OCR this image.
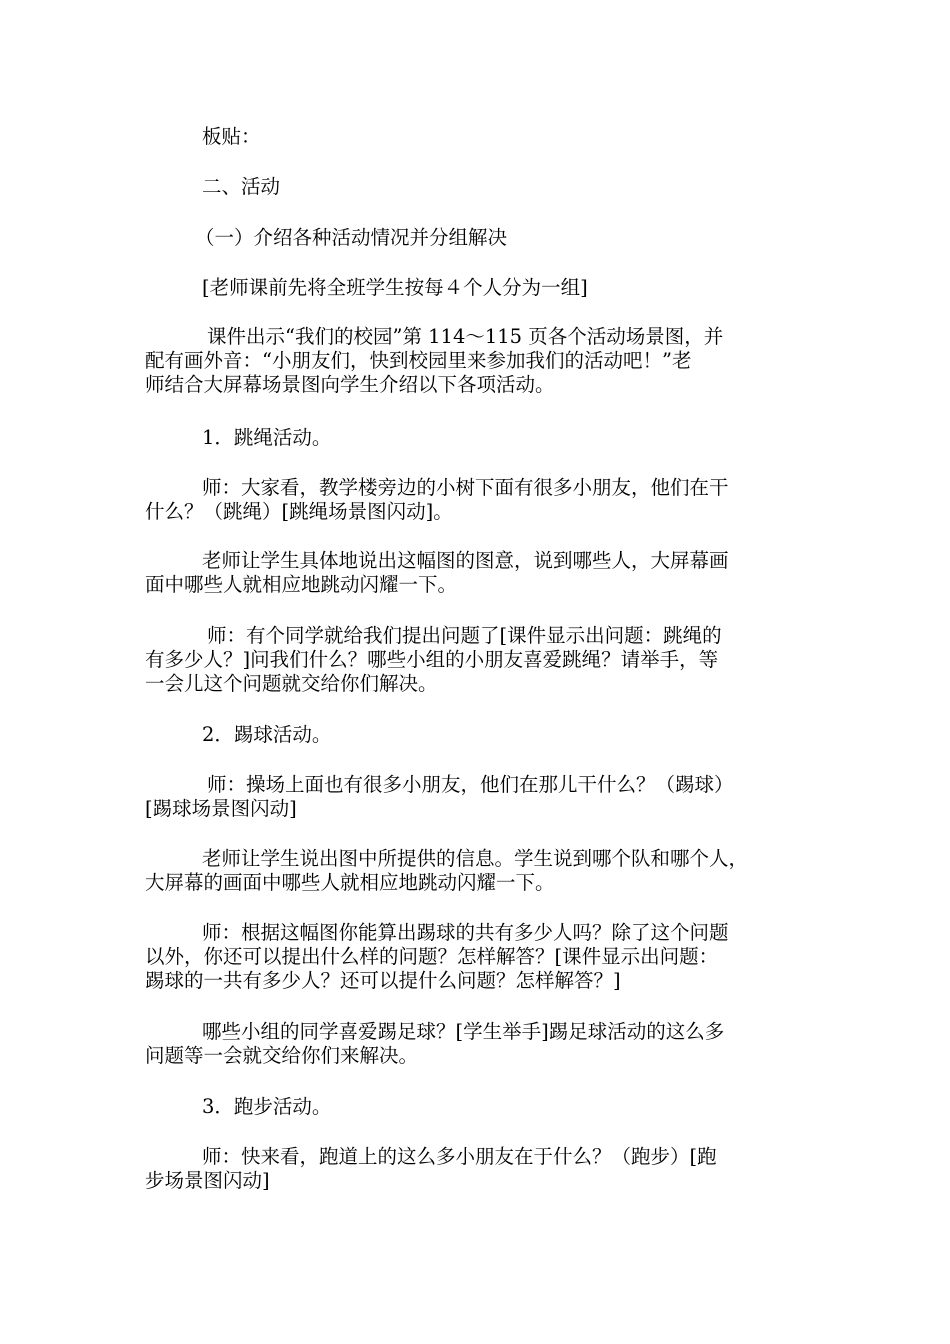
板贴：

二、活动

（一）介绍各种活动情况并分组解决

[老师课前先将全班学生按每４个人分为一组]

课件出示“我们的校园”第 114～115 页各个活动场景图，并
配有画外音：“小朋友们，快到校园里来参加我们的活动吧！”老
师结合大屏幕场景图向学生介绍以下各项活动。

1．跳绳活动。

师：大家看，教学楼旁边的小树下面有很多小朋友，他们在干
什么？（跳绳）[跳绳场景图闪动]。

老师让学生具体地说出这幅图的图意，说到哪些人，大屏幕画
面中哪些人就相应地跳动闪耀一下。

师：有个同学就给我们提出问题了[课件显示出问题：跳绳的
有多少人？]问我们什么？哪些小组的小朋友喜爱跳绳？请举手，等
一会儿这个问题就交给你们解决。

2．踢球活动。

师：操场上面也有很多小朋友，他们在那儿干什么？（踢球）
[踢球场景图闪动]

老师让学生说出图中所提供的信息。学生说到哪个队和哪个人，
大屏幕的画面中哪些人就相应地跳动闪耀一下。

师：根据这幅图你能算出踢球的共有多少人吗？除了这个问题
以外，你还可以提出什么样的问题？怎样解答？[课件显示出问题：
踢球的一共有多少人？还可以提什么问题？怎样解答？]

哪些小组的同学喜爱踢足球？[学生举手]踢足球活动的这么多
问题等一会就交给你们来解决。

3．跑步活动。

师：快来看，跑道上的这么多小朋友在于什么？（跑步）[跑
步场景图闪动]
